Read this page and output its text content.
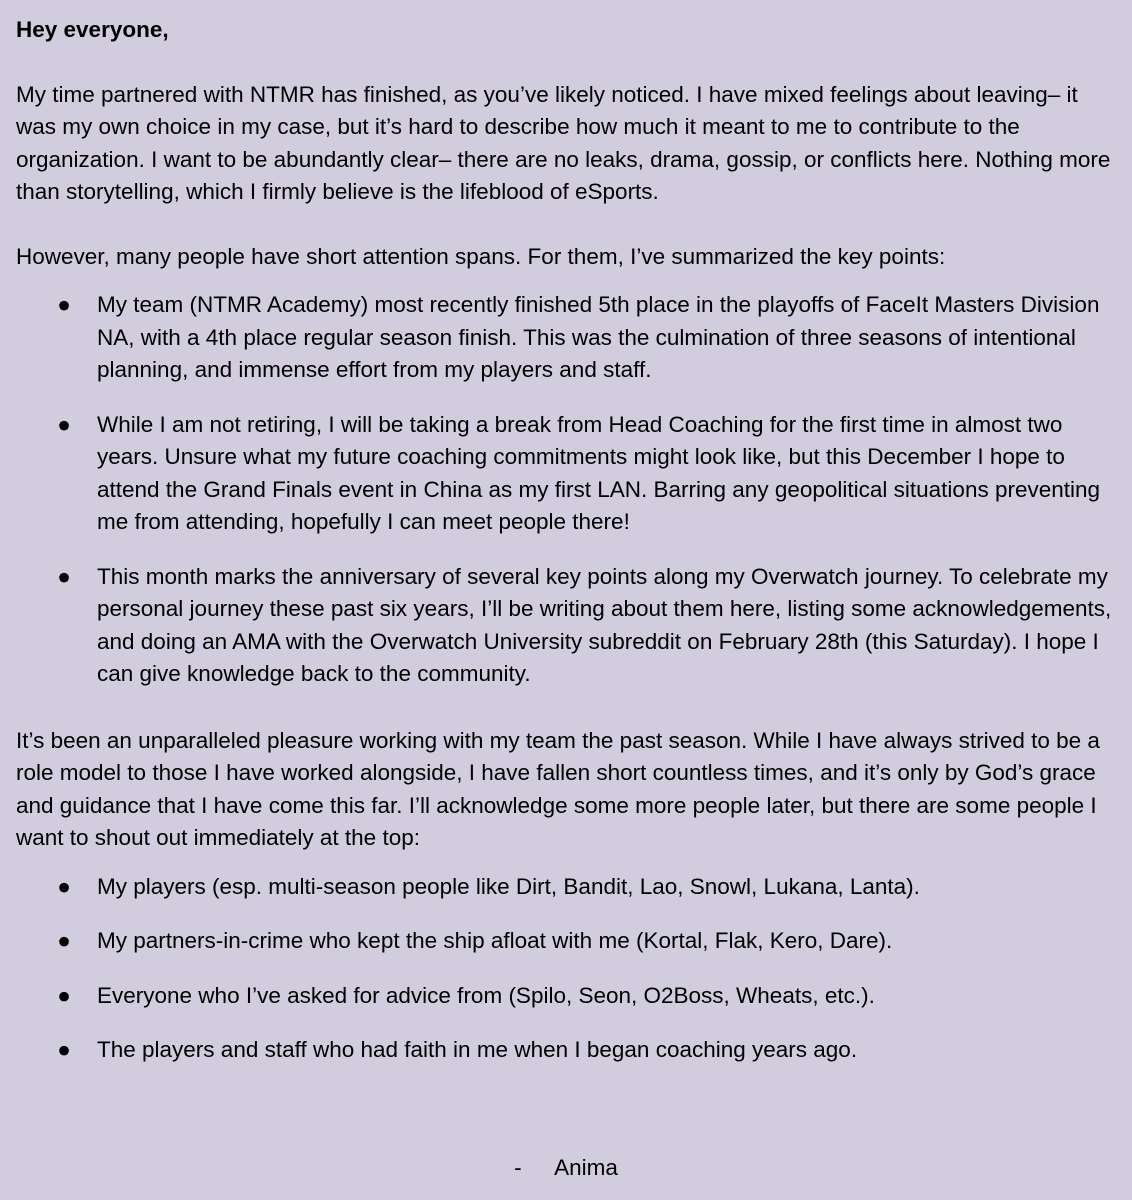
Hey everyone,

My time partnered with NTMR has finished, as you’ve likely noticed. I have mixed feelings about leaving– it was my own choice in my case, but it’s hard to describe how much it meant to me to contribute to the organization. I want to be abundantly clear– there are no leaks, drama, gossip, or conflicts here. Nothing more than storytelling, which I firmly believe is the lifeblood of eSports.

However, many people have short attention spans. For them, I’ve summarized the key points:

● My team (NTMR Academy) most recently finished 5th place in the playoffs of FaceIt Masters Division NA, with a 4th place regular season finish. This was the culmination of three seasons of intentional planning, and immense effort from my players and staff.
● While I am not retiring, I will be taking a break from Head Coaching for the first time in almost two years. Unsure what my future coaching commitments might look like, but this December I hope to attend the Grand Finals event in China as my first LAN. Barring any geopolitical situations preventing me from attending, hopefully I can meet people there!
● This month marks the anniversary of several key points along my Overwatch journey. To celebrate my personal journey these past six years, I’ll be writing about them here, listing some acknowledgements, and doing an AMA with the Overwatch University subreddit on February 28th (this Saturday). I hope I can give knowledge back to the community.

It’s been an unparalleled pleasure working with my team the past season. While I have always strived to be a role model to those I have worked alongside, I have fallen short countless times, and it’s only by God’s grace and guidance that I have come this far. I’ll acknowledge some more people later, but there are some people I want to shout out immediately at the top:

● My players (esp. multi-season people like Dirt, Bandit, Lao, Snowl, Lukana, Lanta).
● My partners-in-crime who kept the ship afloat with me (Kortal, Flak, Kero, Dare).
● Everyone who I’ve asked for advice from (Spilo, Seon, O2Boss, Wheats, etc.).
● The players and staff who had faith in me when I began coaching years ago.
- Anima
